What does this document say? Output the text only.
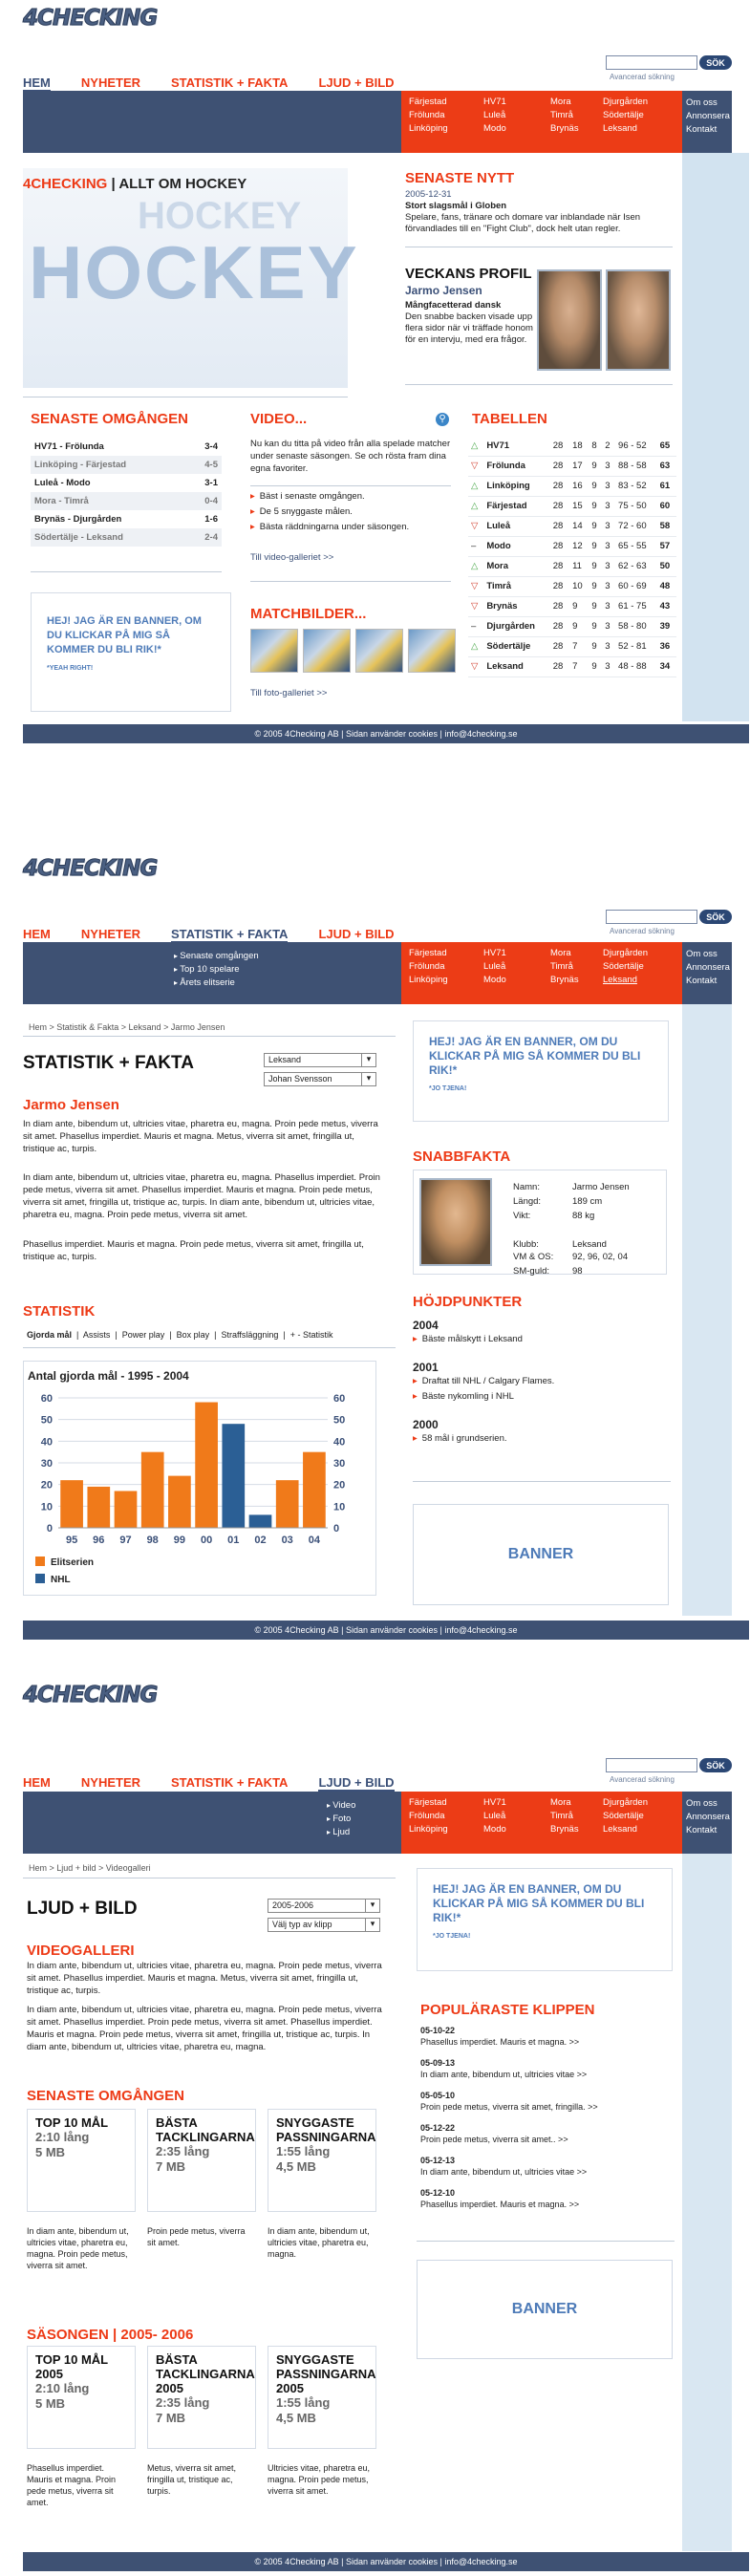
4CHECKING
SÖK
Avancerad sökning
HEM NYHETER STATISTIK + FAKTA LJUD + BILD
Färjestad	HV71	Mora	Djurgården
Frölunda	Luleå	Timrå	Södertälje
Linköping	Modo	Brynäs	Leksand
Om oss
Annonsera
Kontakt
4CHECKING | ALLT OM HOCKEY
HOCKEY
HOCKEY
SENASTE NYTT
2005-12-31
Stort slagsmål i Globen
Spelare, fans, tränare och domare var inblandade när Isen förvandlades till en "Fight Club", dock helt utan regler.
VECKANS PROFIL
Jarmo Jensen
Mångfacetterad dansk
Den snabbe backen visade upp flera sidor när vi träffade honom för en intervju, med era frågor.
SENASTE OMGÅNGEN
HV71 - Frölunda	3-4
Linköping - Färjestad	4-5
Luleå - Modo	3-1
Mora - Timrå	0-4
Brynäs - Djurgården	1-6
Södertälje - Leksand	2-4
HEJ! JAG ÄR EN BANNER, OM DU KLICKAR PÅ MIG SÅ KOMMER DU BLI RIK!*
*YEAH RIGHT!
VIDEO...	⚲
Nu kan du titta på video från alla spelade matcher under senaste säsongen. Se och rösta fram dina egna favoriter.
▸ Bäst i senaste omgången.
▸ De 5 snyggaste målen.
▸ Bästa räddningarna under säsongen.
Till video-galleriet >>
MATCHBILDER...
Till foto-galleriet >>
TABELLEN
△	HV71	28	18	8	2	96 - 52	65
▽	Frölunda	28	17	9	3	88 - 58	63
△	Linköping	28	16	9	3	83 - 52	61
△	Färjestad	28	15	9	3	75 - 50	60
▽	Luleå	28	14	9	3	72 - 60	58
–	Modo	28	12	9	3	65 - 55	57
△	Mora	28	11	9	3	62 - 63	50
▽	Timrå	28	10	9	3	60 - 69	48
▽	Brynäs	28	9	9	3	61 - 75	43
–	Djurgården	28	9	9	3	58 - 80	39
△	Södertälje	28	7	9	3	52 - 81	36
▽	Leksand	28	7	9	3	48 - 88	34
© 2005 4Checking AB | Sidan använder cookies | info@4checking.se
4CHECKING
SÖK
Avancerad sökning
HEM NYHETER STATISTIK + FAKTA LJUD + BILD
▸ Senaste omgången
▸ Top 10 spelare
▸ Årets elitserie
Färjestad	HV71	Mora	Djurgården
Frölunda	Luleå	Timrå	Södertälje
Linköping	Modo	Brynäs	Leksand
Om oss
Annonsera
Kontakt
Hem > Statistik & Fakta > Leksand > Jarmo Jensen
STATISTIK + FAKTA	Leksand ▾
Johan Svensson ▾
Jarmo Jensen
In diam ante, bibendum ut, ultricies vitae, pharetra eu, magna. Proin pede metus, viverra sit amet. Phasellus imperdiet. Mauris et magna. Metus, viverra sit amet, fringilla ut, tristique ac, turpis.
In diam ante, bibendum ut, ultricies vitae, pharetra eu, magna. Phasellus imperdiet. Proin pede metus, viverra sit amet. Phasellus imperdiet. Mauris et magna. Proin pede metus, viverra sit amet, fringilla ut, tristique ac, turpis. In diam ante, bibendum ut, ultricies vitae, pharetra eu, magna. Proin pede metus, viverra sit amet.
Phasellus imperdiet. Mauris et magna. Proin pede metus, viverra sit amet, fringilla ut, tristique ac, turpis.
STATISTIK
Gjorda mål  |  Assists  |  Power play  |  Box play  |  Straffsläggning  |  + - Statistik
Antal gjorda mål - 1995 - 2004
0	0
10	10
20	20
30	30
40	40
50	50
60	60
95 96 97 98 99 00 01 02 03 04
Elitserien
NHL
HEJ! JAG ÄR EN BANNER, OM DU KLICKAR PÅ MIG SÅ KOMMER DU BLI RIK!*
*JO TJENA!
SNABBFAKTA
Namn:	Jarmo Jensen
Längd:	189 cm
Vikt:	88 kg
Klubb:	Leksand
VM & OS:	92, 96, 02, 04
SM-guld:	98
HÖJDPUNKTER
2004
▸ Bäste målskytt i Leksand
2001
▸ Draftat till NHL / Calgary Flames.
▸ Bäste nykomling i NHL
2000
▸ 58 mål i grundserien.
BANNER
© 2005 4Checking AB | Sidan använder cookies | info@4checking.se
4CHECKING
SÖK
Avancerad sökning
HEM NYHETER STATISTIK + FAKTA LJUD + BILD
▸ Video
▸ Foto
▸ Ljud
Färjestad	HV71	Mora	Djurgården
Frölunda	Luleå	Timrå	Södertälje
Linköping	Modo	Brynäs	Leksand
Om oss
Annonsera
Kontakt
Hem > Ljud + bild > Videogalleri
LJUD + BILD	2005-2006 ▾
Välj typ av klipp ▾
VIDEOGALLERI
In diam ante, bibendum ut, ultricies vitae, pharetra eu, magna. Proin pede metus, viverra sit amet. Phasellus imperdiet. Mauris et magna. Metus, viverra sit amet, fringilla ut, tristique ac, turpis.
In diam ante, bibendum ut, ultricies vitae, pharetra eu, magna. Proin pede metus, viverra sit amet. Phasellus imperdiet. Proin pede metus, viverra sit amet. Phasellus imperdiet. Mauris et magna. Proin pede metus, viverra sit amet, fringilla ut, tristique ac, turpis. In diam ante, bibendum ut, ultricies vitae, pharetra eu, magna.
SENASTE OMGÅNGEN
TOP 10 MÅL
2:10 lång
5 MB
In diam ante, bibendum ut, ultricies vitae, pharetra eu, magna. Proin pede metus, viverra sit amet.
BÄSTA TACKLINGARNA
2:35 lång
7 MB
Proin pede metus, viverra sit amet.
SNYGGASTE PASSNINGARNA
1:55 lång
4,5 MB
In diam ante, bibendum ut, ultricies vitae, pharetra eu, magna.
SÄSONGEN | 2005- 2006
TOP 10 MÅL 2005
2:10 lång
5 MB
Phasellus imperdiet. Mauris et magna. Proin pede metus, viverra sit amet.
BÄSTA TACKLINGARNA 2005
2:35 lång
7 MB
Metus, viverra sit amet, fringilla ut, tristique ac, turpis.
SNYGGASTE PASSNINGARNA 2005
1:55 lång
4,5 MB
Ultricies vitae, pharetra eu, magna. Proin pede metus, viverra sit amet.
HEJ! JAG ÄR EN BANNER, OM DU KLICKAR PÅ MIG SÅ KOMMER DU BLI RIK!*
*JO TJENA!
POPULÄRASTE KLIPPEN
05-10-22
Phasellus imperdiet. Mauris et magna. >>
05-09-13
In diam ante, bibendum ut, ultricies vitae >>
05-05-10
Proin pede metus, viverra sit amet, fringilla. >>
05-12-22
Proin pede metus, viverra sit amet.. >>
05-12-13
In diam ante, bibendum ut, ultricies vitae >>
05-12-10
Phasellus imperdiet. Mauris et magna. >>
BANNER
© 2005 4Checking AB | Sidan använder cookies | info@4checking.se
